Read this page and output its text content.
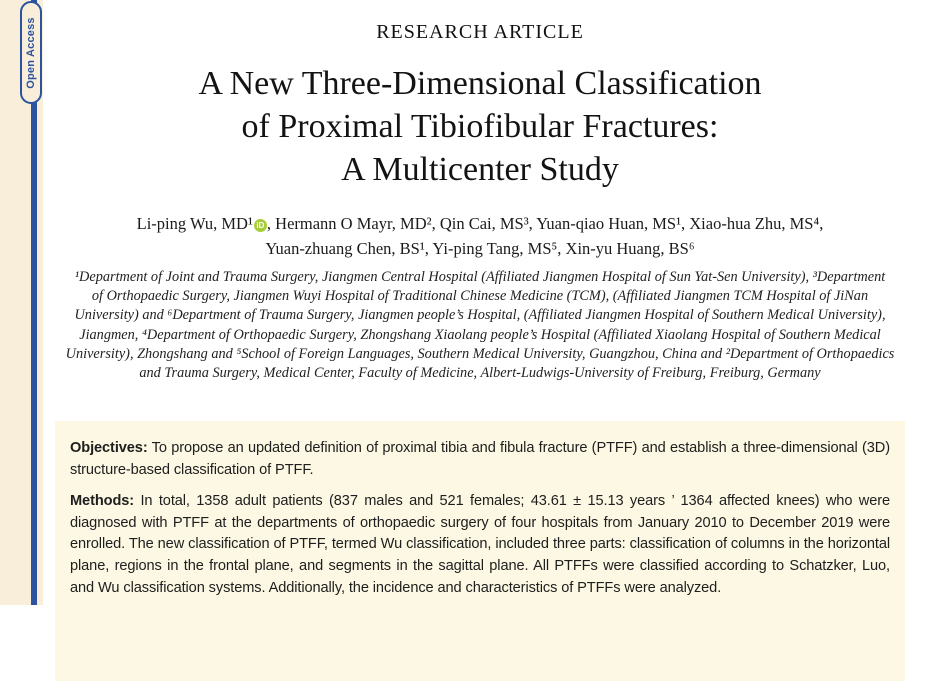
Open Access	RESEARCH ARTICLE
A New Three-Dimensional Classification
of Proximal Tibiofibular Fractures:
A Multicenter Study
Li-ping Wu, MD¹ iD , Hermann O Mayr, MD², Qin Cai, MS³, Yuan-qiao Huan, MS¹, Xiao-hua Zhu, MS⁴,
Yuan-zhuang Chen, BS¹, Yi-ping Tang, MS⁵, Xin-yu Huang, BS⁶
¹Department of Joint and Trauma Surgery, Jiangmen Central Hospital (Affiliated Jiangmen Hospital of Sun Yat-Sen University), ³Department
of Orthopaedic Surgery, Jiangmen Wuyi Hospital of Traditional Chinese Medicine (TCM), (Affiliated Jiangmen TCM Hospital of JiNan
University) and ⁶Department of Trauma Surgery, Jiangmen people’s Hospital, (Affiliated Jiangmen Hospital of Southern Medical University),
Jiangmen, ⁴Department of Orthopaedic Surgery, Zhongshang Xiaolang people’s Hospital (Affiliated Xiaolang Hospital of Southern Medical
University), Zhongshang and ⁵School of Foreign Languages, Southern Medical University, Guangzhou, China and ²Department of Orthopaedics
and Trauma Surgery, Medical Center, Faculty of Medicine, Albert-Ludwigs-University of Freiburg, Freiburg, Germany

Objectives: To propose an updated definition of proximal tibia and fibula fracture (PTFF) and establish a three-dimensional (3D) structure-based classification of PTFF.

Methods: In total, 1358 adult patients (837 males and 521 females; 43.61 ± 15.13 years ’ 1364 affected knees) who were diagnosed with PTFF at the departments of orthopaedic surgery of four hospitals from January 2010 to December 2019 were enrolled. The new classification of PTFF, termed Wu classification, included three parts: classification of columns in the horizontal plane, regions in the frontal plane, and segments in the sagittal plane. All PTFFs were classified according to Schatzker, Luo, and Wu classification systems. Additionally, the incidence and characteristics of PTFFs were analyzed.
